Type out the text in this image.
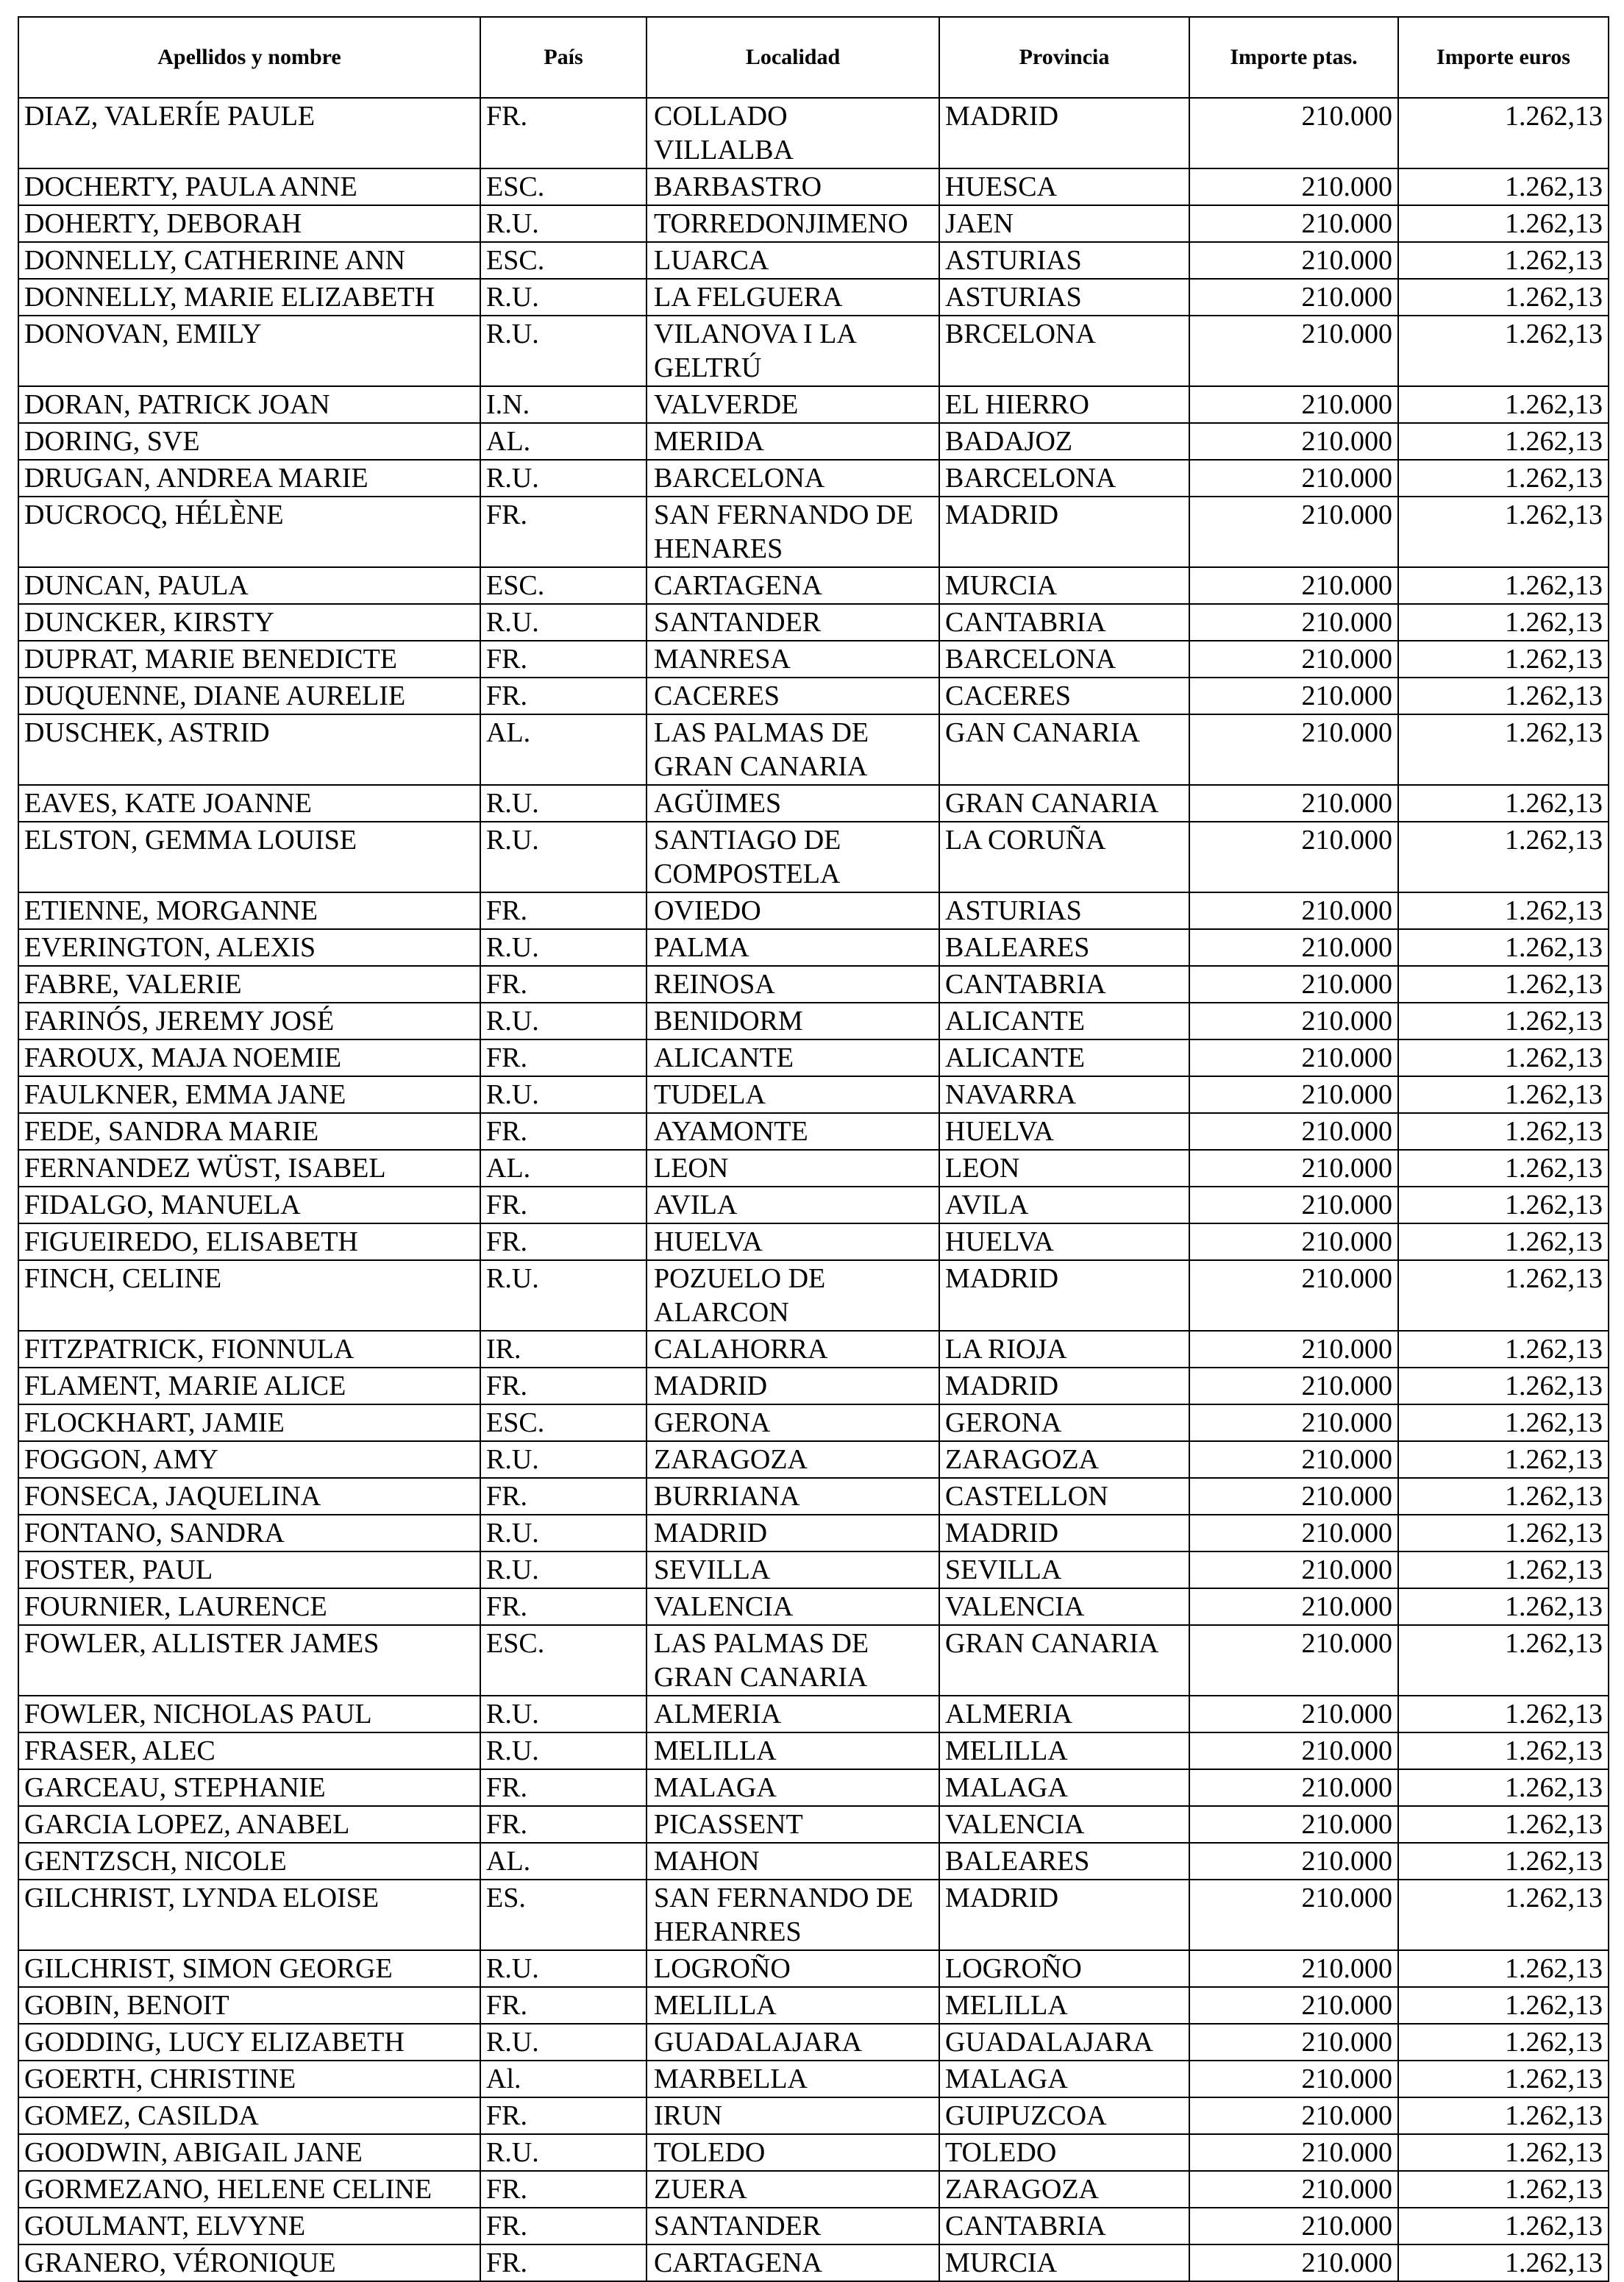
Apellidos y nombre	País	Localidad	Provincia	Importe ptas.	Importe euros
DIAZ, VALERÍE PAULE	FR.	COLLADO VILLALBA	MADRID	210.000	1.262,13
DOCHERTY, PAULA ANNE	ESC.	BARBASTRO	HUESCA	210.000	1.262,13
DOHERTY, DEBORAH	R.U.	TORREDONJIMENO	JAEN	210.000	1.262,13
DONNELLY, CATHERINE ANN	ESC.	LUARCA	ASTURIAS	210.000	1.262,13
DONNELLY, MARIE ELIZABETH	R.U.	LA FELGUERA	ASTURIAS	210.000	1.262,13
DONOVAN, EMILY	R.U.	VILANOVA I LA GELTRÚ	BRCELONA	210.000	1.262,13
DORAN, PATRICK JOAN	I.N.	VALVERDE	EL HIERRO	210.000	1.262,13
DORING, SVE	AL.	MERIDA	BADAJOZ	210.000	1.262,13
DRUGAN, ANDREA MARIE	R.U.	BARCELONA	BARCELONA	210.000	1.262,13
DUCROCQ, HÉLÈNE	FR.	SAN FERNANDO DE HENARES	MADRID	210.000	1.262,13
DUNCAN, PAULA	ESC.	CARTAGENA	MURCIA	210.000	1.262,13
DUNCKER, KIRSTY	R.U.	SANTANDER	CANTABRIA	210.000	1.262,13
DUPRAT, MARIE BENEDICTE	FR.	MANRESA	BARCELONA	210.000	1.262,13
DUQUENNE, DIANE AURELIE	FR.	CACERES	CACERES	210.000	1.262,13
DUSCHEK, ASTRID	AL.	LAS PALMAS DE GRAN CANARIA	GAN CANARIA	210.000	1.262,13
EAVES, KATE JOANNE	R.U.	AGÜIMES	GRAN CANARIA	210.000	1.262,13
ELSTON, GEMMA LOUISE	R.U.	SANTIAGO DE COMPOSTELA	LA CORUÑA	210.000	1.262,13
ETIENNE, MORGANNE	FR.	OVIEDO	ASTURIAS	210.000	1.262,13
EVERINGTON, ALEXIS	R.U.	PALMA	BALEARES	210.000	1.262,13
FABRE, VALERIE	FR.	REINOSA	CANTABRIA	210.000	1.262,13
FARINÓS, JEREMY JOSÉ	R.U.	BENIDORM	ALICANTE	210.000	1.262,13
FAROUX, MAJA NOEMIE	FR.	ALICANTE	ALICANTE	210.000	1.262,13
FAULKNER, EMMA JANE	R.U.	TUDELA	NAVARRA	210.000	1.262,13
FEDE, SANDRA MARIE	FR.	AYAMONTE	HUELVA	210.000	1.262,13
FERNANDEZ WÜST, ISABEL	AL.	LEON	LEON	210.000	1.262,13
FIDALGO, MANUELA	FR.	AVILA	AVILA	210.000	1.262,13
FIGUEIREDO, ELISABETH	FR.	HUELVA	HUELVA	210.000	1.262,13
FINCH, CELINE	R.U.	POZUELO DE ALARCON	MADRID	210.000	1.262,13
FITZPATRICK, FIONNULA	IR.	CALAHORRA	LA RIOJA	210.000	1.262,13
FLAMENT, MARIE ALICE	FR.	MADRID	MADRID	210.000	1.262,13
FLOCKHART, JAMIE	ESC.	GERONA	GERONA	210.000	1.262,13
FOGGON, AMY	R.U.	ZARAGOZA	ZARAGOZA	210.000	1.262,13
FONSECA, JAQUELINA	FR.	BURRIANA	CASTELLON	210.000	1.262,13
FONTANO, SANDRA	R.U.	MADRID	MADRID	210.000	1.262,13
FOSTER, PAUL	R.U.	SEVILLA	SEVILLA	210.000	1.262,13
FOURNIER, LAURENCE	FR.	VALENCIA	VALENCIA	210.000	1.262,13
FOWLER, ALLISTER JAMES	ESC.	LAS PALMAS DE GRAN CANARIA	GRAN CANARIA	210.000	1.262,13
FOWLER, NICHOLAS PAUL	R.U.	ALMERIA	ALMERIA	210.000	1.262,13
FRASER, ALEC	R.U.	MELILLA	MELILLA	210.000	1.262,13
GARCEAU, STEPHANIE	FR.	MALAGA	MALAGA	210.000	1.262,13
GARCIA LOPEZ, ANABEL	FR.	PICASSENT	VALENCIA	210.000	1.262,13
GENTZSCH, NICOLE	AL.	MAHON	BALEARES	210.000	1.262,13
GILCHRIST, LYNDA ELOISE	ES.	SAN FERNANDO DE HERANRES	MADRID	210.000	1.262,13
GILCHRIST, SIMON GEORGE	R.U.	LOGROÑO	LOGROÑO	210.000	1.262,13
GOBIN, BENOIT	FR.	MELILLA	MELILLA	210.000	1.262,13
GODDING, LUCY ELIZABETH	R.U.	GUADALAJARA	GUADALAJARA	210.000	1.262,13
GOERTH, CHRISTINE	Al.	MARBELLA	MALAGA	210.000	1.262,13
GOMEZ, CASILDA	FR.	IRUN	GUIPUZCOA	210.000	1.262,13
GOODWIN, ABIGAIL JANE	R.U.	TOLEDO	TOLEDO	210.000	1.262,13
GORMEZANO, HELENE CELINE	FR.	ZUERA	ZARAGOZA	210.000	1.262,13
GOULMANT, ELVYNE	FR.	SANTANDER	CANTABRIA	210.000	1.262,13
GRANERO, VÉRONIQUE	FR.	CARTAGENA	MURCIA	210.000	1.262,13
